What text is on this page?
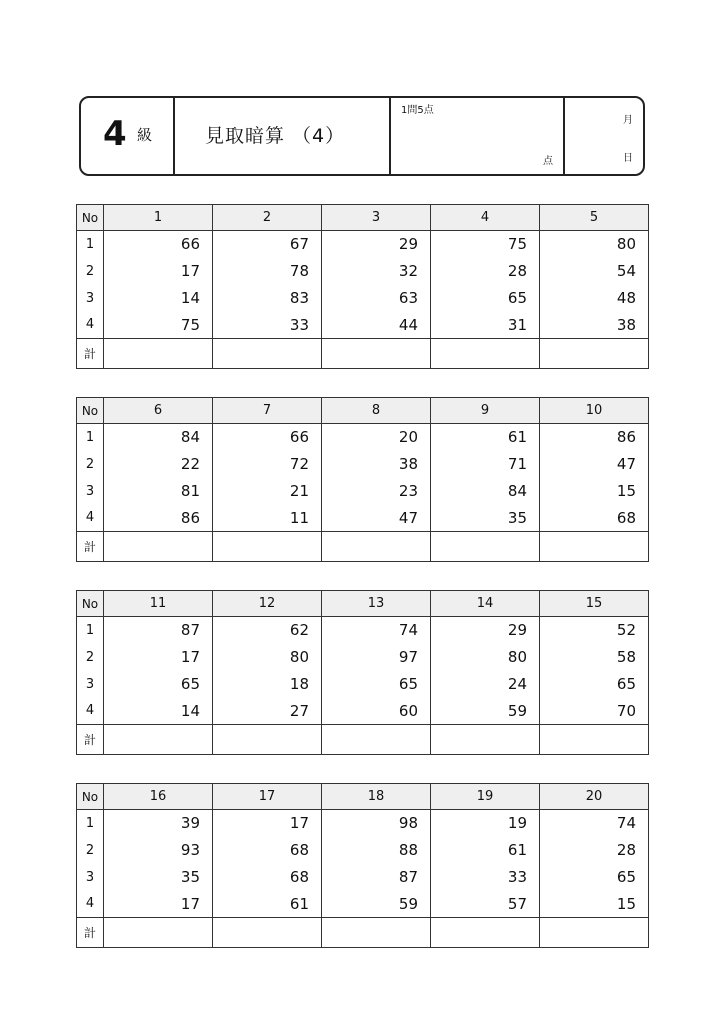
4 級	見取暗算 （4）
1問5点
点
月
日
No	1	2	3	4	5
1	66	67	29	75	80
2	17	78	32	28	54
3	14	83	63	65	48
4	75	33	44	31	38
計					
No	6	7	8	9	10
1	84	66	20	61	86
2	22	72	38	71	47
3	81	21	23	84	15
4	86	11	47	35	68
計					
No	11	12	13	14	15
1	87	62	74	29	52
2	17	80	97	80	58
3	65	18	65	24	65
4	14	27	60	59	70
計					
No	16	17	18	19	20
1	39	17	98	19	74
2	93	68	88	61	28
3	35	68	87	33	65
4	17	61	59	57	15
計					
